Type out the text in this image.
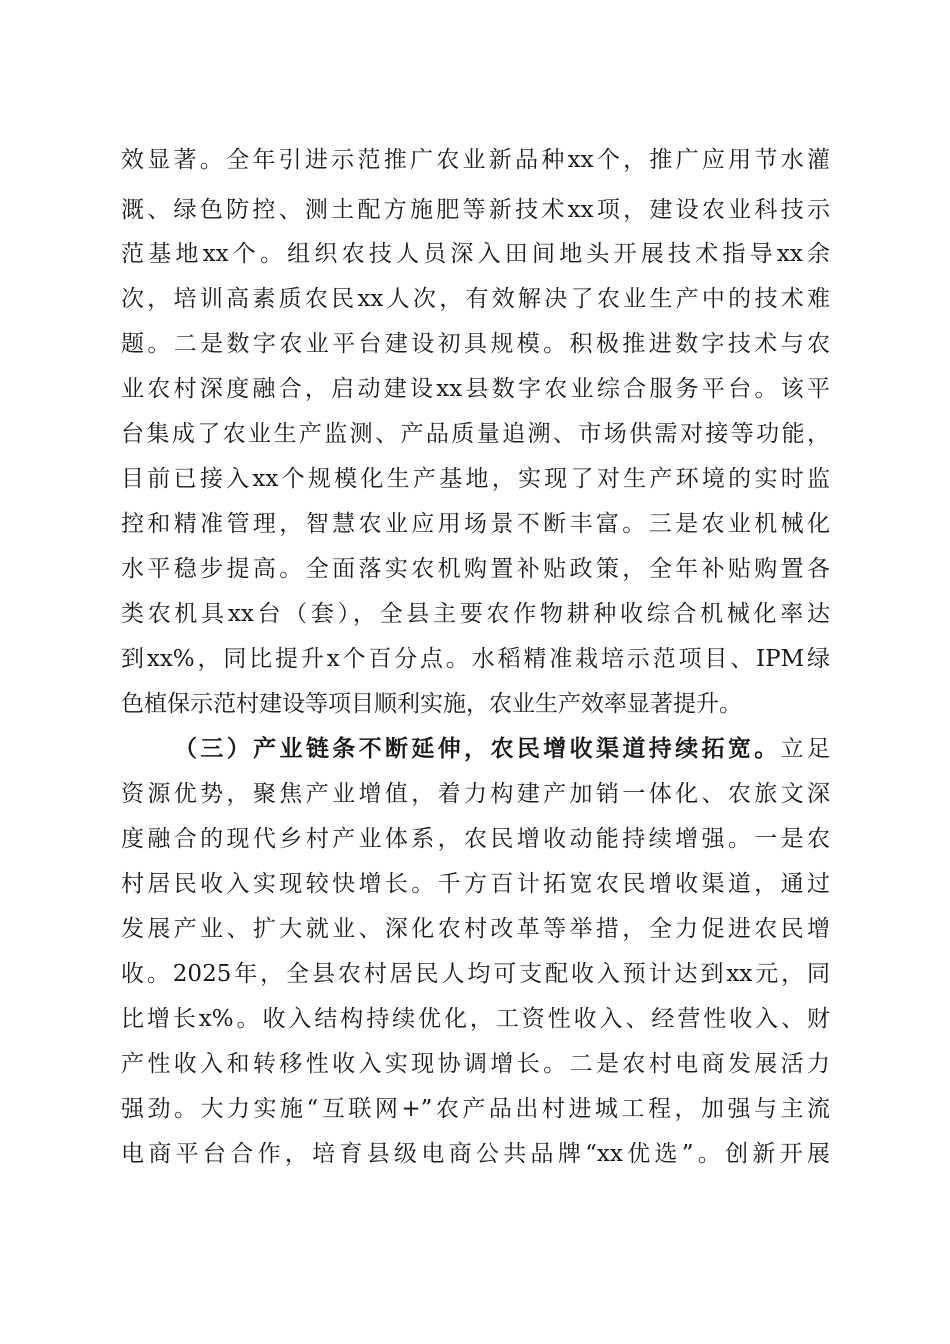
效显著。全年引进示范推广农业新品种xx个，推广应用节水灌
溉、绿色防控、测土配方施肥等新技术xx项，建设农业科技示
范基地xx个。组织农技人员深入田间地头开展技术指导xx余
次，培训高素质农民xx人次，有效解决了农业生产中的技术难
题。二是数字农业平台建设初具规模。积极推进数字技术与农
业农村深度融合，启动建设xx县数字农业综合服务平台。该平
台集成了农业生产监测、产品质量追溯、市场供需对接等功能，
目前已接入xx个规模化生产基地，实现了对生产环境的实时监
控和精准管理，智慧农业应用场景不断丰富。三是农业机械化
水平稳步提高。全面落实农机购置补贴政策，全年补贴购置各
类农机具xx台（套），全县主要农作物耕种收综合机械化率达
到xx%，同比提升x个百分点。水稻精准栽培示范项目、IPM绿
色植保示范村建设等项目顺利实施，农业生产效率显著提升。
（三）产业链条不断延伸，农民增收渠道持续拓宽。立足
资源优势，聚焦产业增值，着力构建产加销一体化、农旅文深
度融合的现代乡村产业体系，农民增收动能持续增强。一是农
村居民收入实现较快增长。千方百计拓宽农民增收渠道，通过
发展产业、扩大就业、深化农村改革等举措，全力促进农民增
收。2025年，全县农村居民人均可支配收入预计达到xx元，同
比增长x%。收入结构持续优化，工资性收入、经营性收入、财
产性收入和转移性收入实现协调增长。二是农村电商发展活力
强劲。大力实施“互联网+”农产品出村进城工程，加强与主流
电商平台合作，培育县级电商公共品牌“xx优选”。创新开展
